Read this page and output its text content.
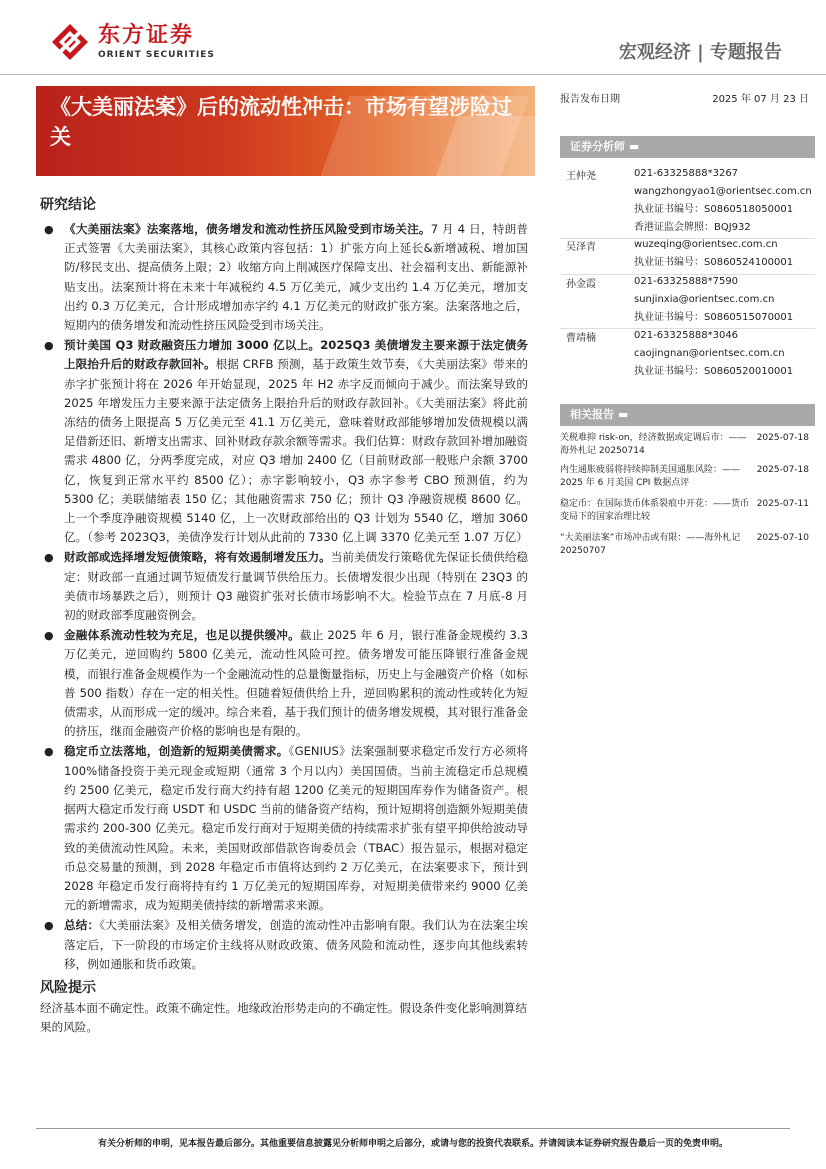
东方证券
ORIENT SECURITIES	宏观经济 | 专题报告
《大美丽法案》后的流动性冲击：市场有望涉险过关
报告发布日期	2025 年 07 月 23 日
证券分析师 ▬
王仲尧	021-63325888*3267
wangzhongyao1@orientsec.com.cn
执业证书编号：S0860518050001
香港证监会牌照：BQJ932
吴泽青	wuzeqing@orientsec.com.cn
执业证书编号：S0860524100001
孙金霞	021-63325888*7590
sunjinxia@orientsec.com.cn
执业证书编号：S0860515070001
曹靖楠	021-63325888*3046
caojingnan@orientsec.com.cn
执业证书编号：S0860520010001
相关报告 ▬
关税难抑 risk-on，经济数据或定调后市：——海外札记 20250714
2025-07-18
内生通胀疲弱将持续抑制美国通胀风险：——2025 年 6 月美国 CPI 数据点评
2025-07-18
稳定币：在国际货币体系裂痕中开花：——货币变局下的国家治理比较
2025-07-11
“大美丽法案”市场冲击或有限：——海外札记 20250707
2025-07-10
研究结论
● 《大美丽法案》法案落地，债务增发和流动性挤压风险受到市场关注。7 月 4 日，特朗普正式签署《大美丽法案》，其核心政策内容包括：1）扩张方向上延长&新增减税、增加国防/移民支出、提高债务上限；2）收缩方向上削减医疗保障支出、社会福利支出、新能源补贴支出。法案预计将在未来十年减税约 4.5 万亿美元，减少支出约 1.4 万亿美元，增加支出约 0.3 万亿美元，合计形成增加赤字约 4.1 万亿美元的财政扩张方案。法案落地之后，短期内的债务增发和流动性挤压风险受到市场关注。
● 预计美国 Q3 财政融资压力增加 3000 亿以上。2025Q3 美债增发主要来源于法定债务上限抬升后的财政存款回补。根据 CRFB 预测，基于政策生效节奏，《大美丽法案》带来的赤字扩张预计将在 2026 年开始显现，2025 年 H2 赤字反而倾向于减少。而法案导致的 2025 年增发压力主要来源于法定债务上限抬升后的财政存款回补。《大美丽法案》将此前冻结的债务上限提高 5 万亿美元至 41.1 万亿美元，意味着财政部能够增加发债规模以满足借新还旧、新增支出需求、回补财政存款余额等需求。我们估算：财政存款回补增加融资需求 4800 亿，分两季度完成，对应 Q3 增加 2400 亿（目前财政部一般账户余额 3700 亿，恢复到正常水平约 8500 亿）；赤字影响较小，Q3 赤字参考 CBO 预测值，约为 5300 亿；美联储缩表 150 亿；其他融资需求 750 亿；预计 Q3 净融资规模 8600 亿。上一个季度净融资规模 5140 亿，上一次财政部给出的 Q3 计划为 5540 亿，增加 3060 亿。（参考 2023Q3，美债净发行计划从此前的 7330 亿上调 3370 亿美元至 1.07 万亿）
● 财政部或选择增发短债策略，将有效遏制增发压力。当前美债发行策略优先保证长债供给稳定：财政部一直通过调节短债发行量调节供给压力。长债增发很少出现（特别在 23Q3 的美债市场暴跌之后），则预计 Q3 融资扩张对长债市场影响不大。检验节点在 7 月底-8 月初的财政部季度融资例会。
● 金融体系流动性较为充足，也足以提供缓冲。截止 2025 年 6 月，银行准备金规模约 3.3 万亿美元，逆回购约 5800 亿美元，流动性风险可控。债务增发可能压降银行准备金规模，而银行准备金规模作为一个金融流动性的总量衡量指标，历史上与金融资产价格（如标普 500 指数）存在一定的相关性。但随着短债供给上升，逆回购累积的流动性或转化为短债需求，从而形成一定的缓冲。综合来看，基于我们预计的债务增发规模，其对银行准备金的挤压，继而金融资产价格的影响也是有限的。
● 稳定币立法落地，创造新的短期美债需求。《GENIUS》法案强制要求稳定币发行方必须将 100%储备投资于美元现金或短期（通常 3 个月以内）美国国债。当前主流稳定币总规模约 2500 亿美元，稳定币发行商大约持有超 1200 亿美元的短期国库券作为储备资产。根据两大稳定币发行商 USDT 和 USDC 当前的储备资产结构，预计短期将创造额外短期美债需求约 200-300 亿美元。稳定币发行商对于短期美债的持续需求扩张有望平抑供给波动导致的美债流动性风险。未来，美国财政部借款咨询委员会（TBAC）报告显示，根据对稳定币总交易量的预测，到 2028 年稳定币市值将达到约 2 万亿美元，在法案要求下，预计到 2028 年稳定币发行商将持有约 1 万亿美元的短期国库券，对短期美债带来约 9000 亿美元的新增需求，成为短期美债持续的新增需求来源。
● 总结：《大美丽法案》及相关债务增发，创造的流动性冲击影响有限。我们认为在法案尘埃落定后，下一阶段的市场定价主线将从财政政策、债务风险和流动性，逐步向其他线索转移，例如通胀和货币政策。
风险提示
经济基本面不确定性。政策不确定性。地缘政治形势走向的不确定性。假设条件变化影响测算结果的风险。
有关分析师的申明，见本报告最后部分。其他重要信息披露见分析师申明之后部分，或请与您的投资代表联系。并请阅读本证券研究报告最后一页的免责申明。
